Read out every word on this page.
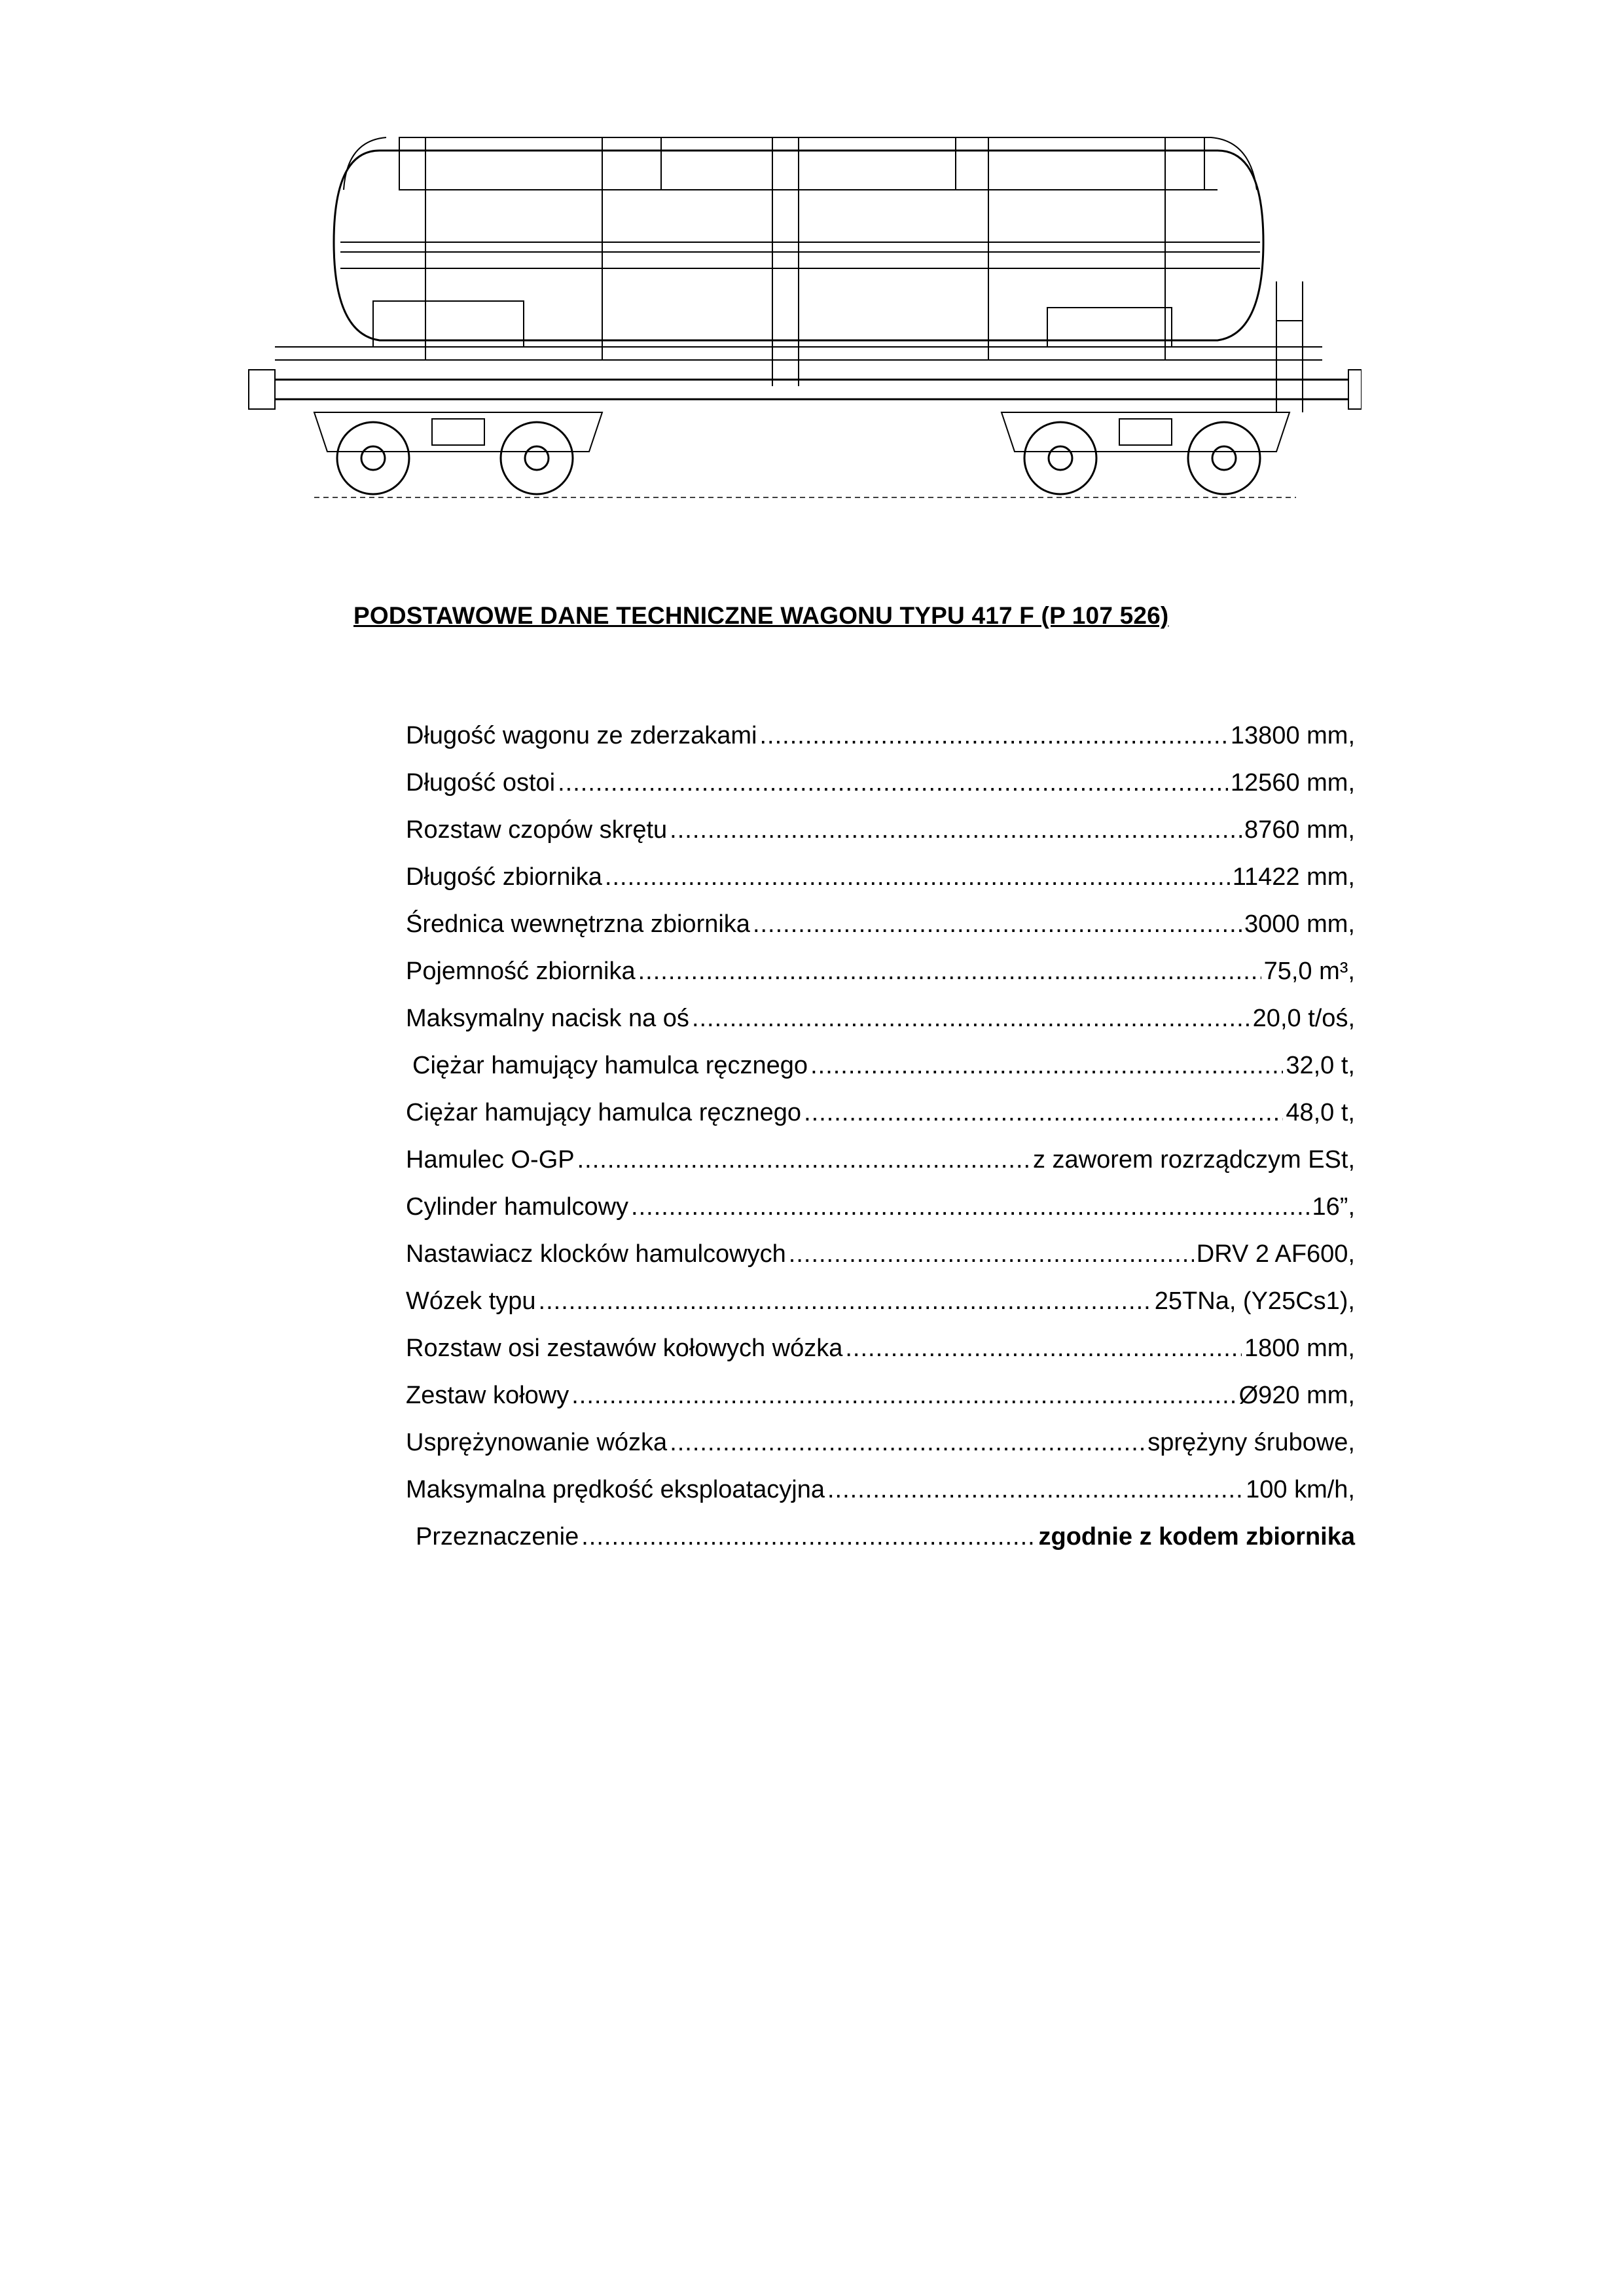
PODSTAWOWE DANE TECHNICZNE WAGONU TYPU 417 F (P 107 526)
Długość wagonu ze zderzakami .....	13800 mm,
Długość ostoi .....	12560 mm,
Rozstaw czopów skrętu .....	8760 mm,
Długość zbiornika .....	11422 mm,
Średnica wewnętrzna zbiornika .....	3000 mm,
Pojemność zbiornika .....	75,0 m³,
Maksymalny nacisk na oś .....	20,0 t/oś,
Ciężar hamujący hamulca ręcznego .....	32,0 t,
Ciężar hamujący hamulca ręcznego .....	48,0 t,
Hamulec O-GP .....	z zaworem rozrządczym ESt,
Cylinder hamulcowy .....	16”,
Nastawiacz klocków hamulcowych .....	DRV 2 AF600,
Wózek typu .....	25TNa, (Y25Cs1),
Rozstaw osi zestawów kołowych wózka .....	1800 mm,
Zestaw kołowy .....	Ø920 mm,
Usprężynowanie wózka .....	sprężyny śrubowe,
Maksymalna prędkość eksploatacyjna .....	100 km/h,
Przeznaczenie .....	zgodnie z kodem zbiornika
